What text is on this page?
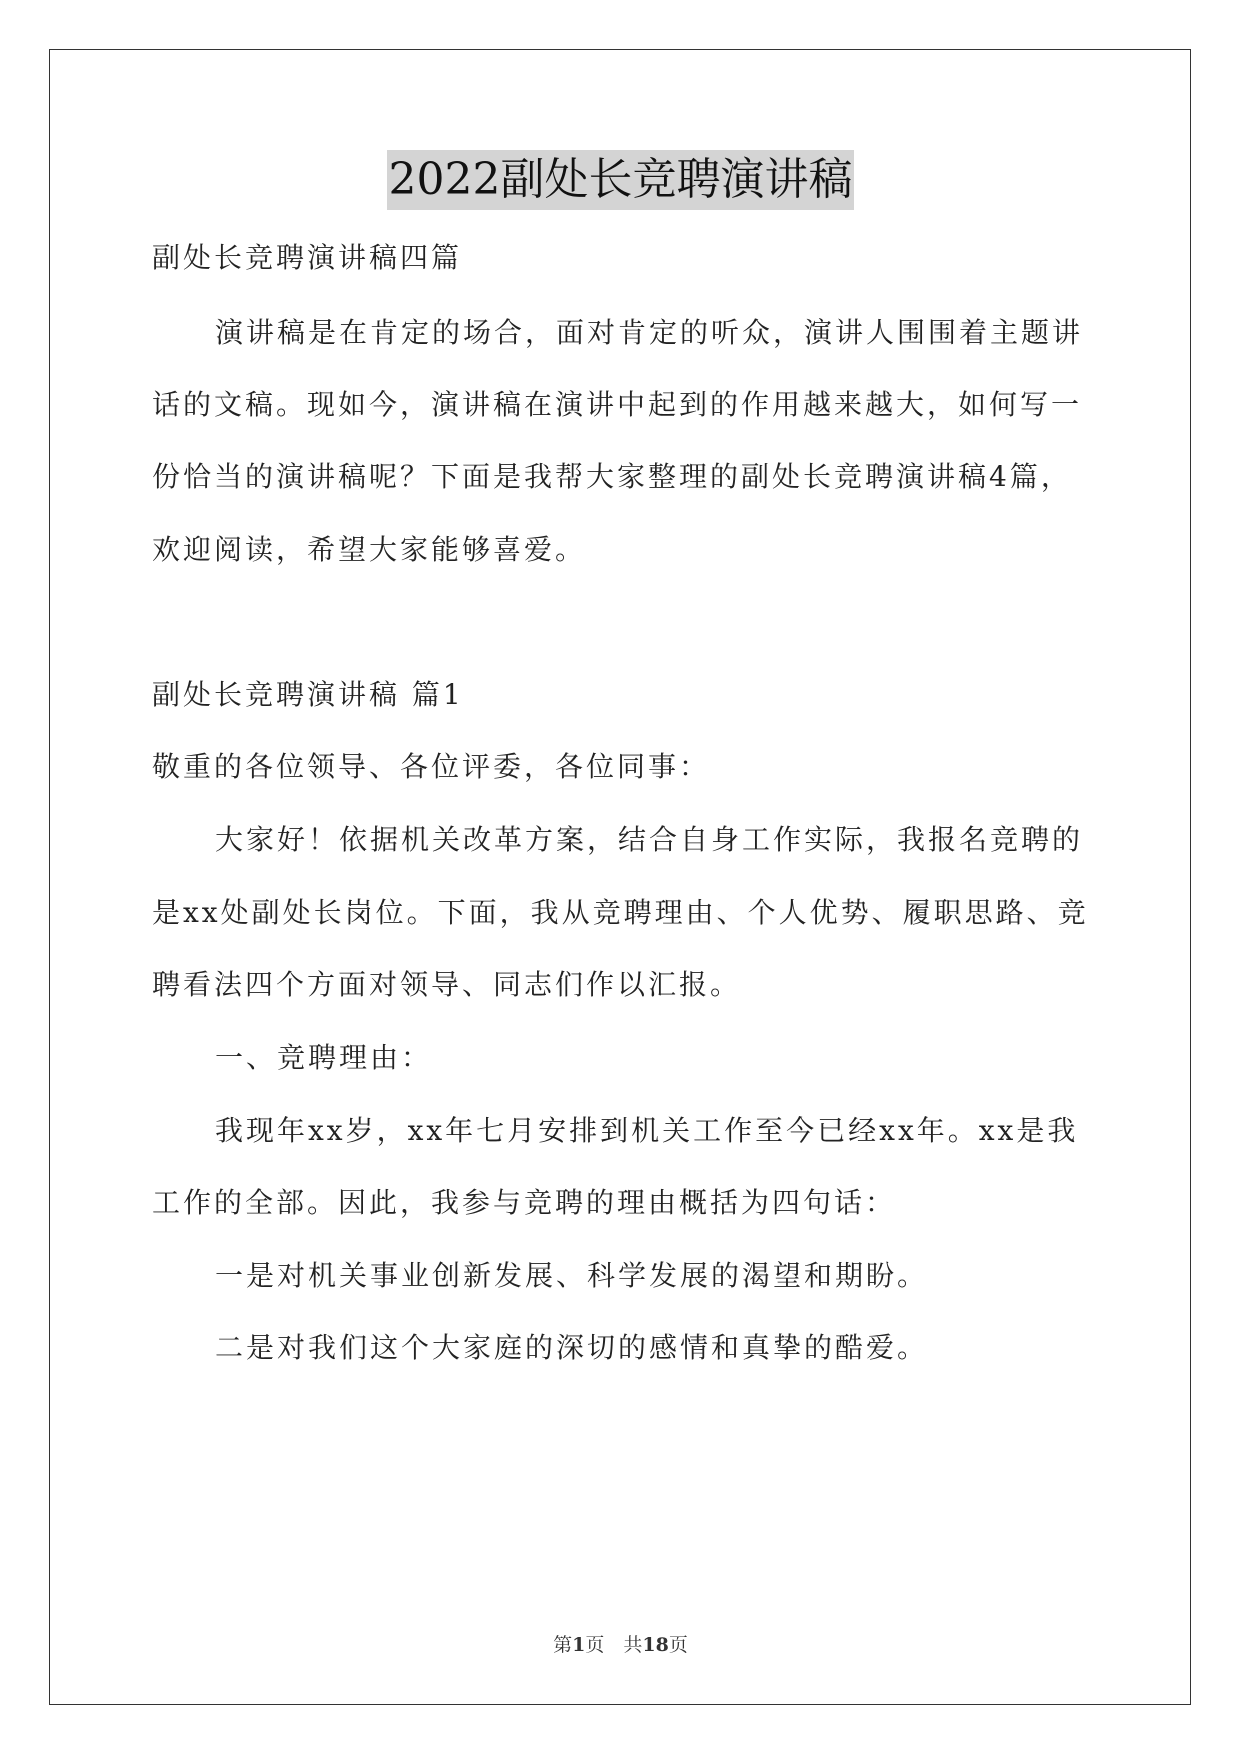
2022副处长竞聘演讲稿

副处长竞聘演讲稿四篇

演讲稿是在肯定的场合，面对肯定的听众，演讲人围围着主题讲

话的文稿。现如今，演讲稿在演讲中起到的作用越来越大，如何写一

份恰当的演讲稿呢？下面是我帮大家整理的副处长竞聘演讲稿4篇，

欢迎阅读，希望大家能够喜爱。

副处长竞聘演讲稿 篇1

敬重的各位领导、各位评委，各位同事：

大家好！依据机关改革方案，结合自身工作实际，我报名竞聘的

是xx处副处长岗位。下面，我从竞聘理由、个人优势、履职思路、竞

聘看法四个方面对领导、同志们作以汇报。

一、竞聘理由：

我现年xx岁，xx年七月安排到机关工作至今已经xx年。xx是我

工作的全部。因此，我参与竞聘的理由概括为四句话：

一是对机关事业创新发展、科学发展的渴望和期盼。

二是对我们这个大家庭的深切的感情和真挚的酷爱。

第1页　共18页
